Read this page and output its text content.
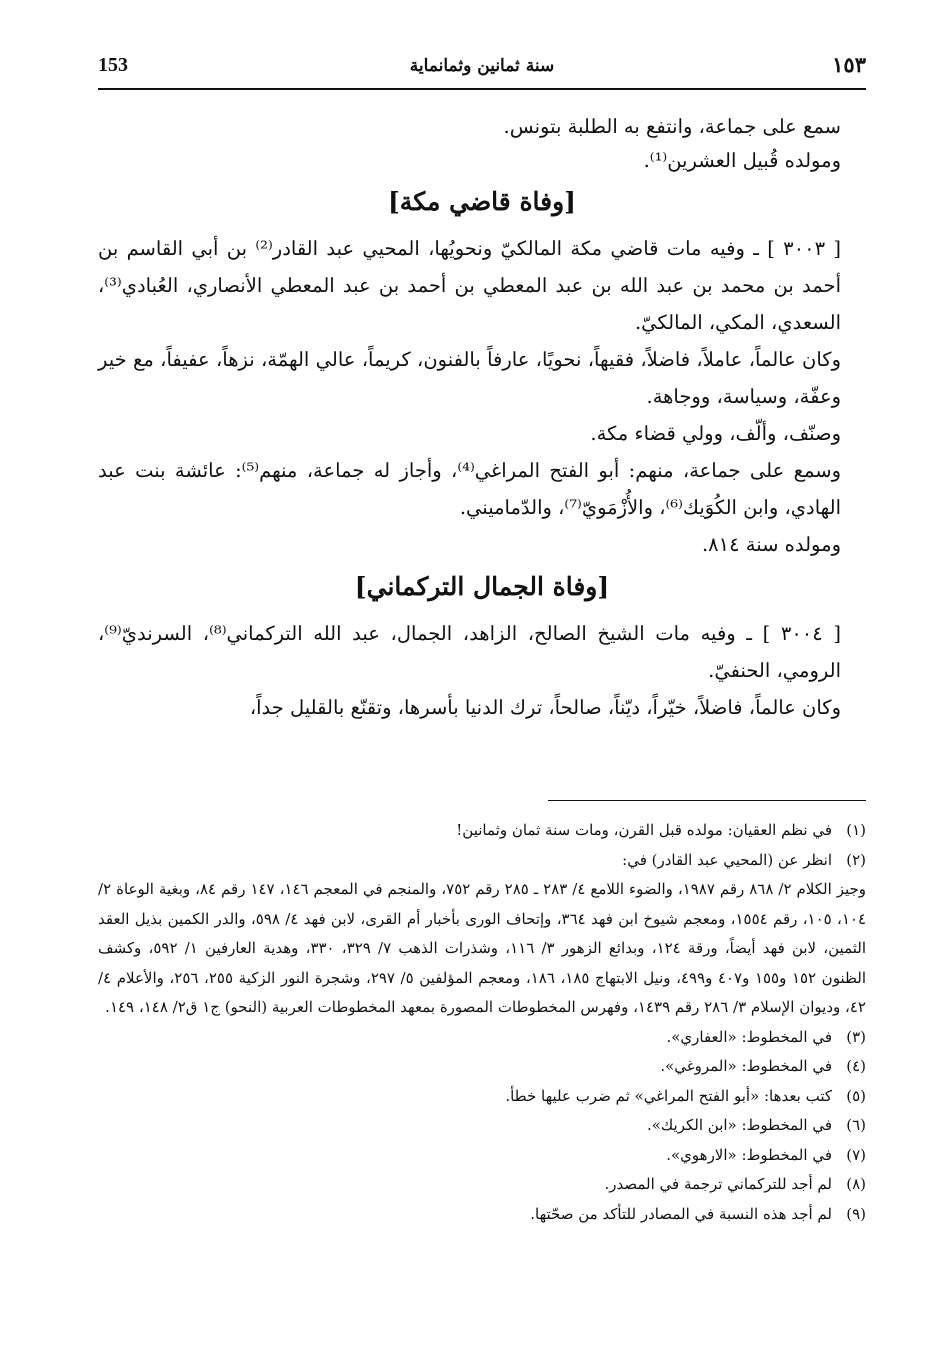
153	سنة ثمانين وثمانماية	١٥٣

سمع على جماعة، وانتفع به الطلبة بتونس.

ومولده قُبيل العشرين⁽¹⁾.

[وفاة قاضي مكة]

[ ٣٠٠٣ ] ـ وفيه مات قاضي مكة المالكيّ ونحويُها، المحيي عبد القادر⁽²⁾ بن أبي القاسم بن أحمد بن محمد بن عبد الله بن عبد المعطي بن أحمد بن عبد المعطي الأنصاري، العُبادي⁽³⁾، السعدي، المكي، المالكيّ.

وكان عالماً، عاملاً، فاضلاً، فقيهاً، نحويًا، عارفاً بالفنون، كريماً، عالي الهمّة، نزهاً، عفيفاً، مع خير وعفّة، وسياسة، ووجاهة.

وصنّف، وألّف، وولي قضاء مكة.

وسمع على جماعة، منهم: أبو الفتح المراغي⁽⁴⁾، وأجاز له جماعة، منهم⁽⁵⁾: عائشة بنت عبد الهادي، وابن الكُوَيك⁽⁶⁾، والأُزْمَويّ⁽⁷⁾، والدّماميني.

ومولده سنة ٨١٤.

[وفاة الجمال التركماني]

[ ٣٠٠٤ ] ـ وفيه مات الشيخ الصالح، الزاهد، الجمال، عبد الله التركماني⁽⁸⁾، السرنديّ⁽⁹⁾، الرومي، الحنفيّ.

وكان عالماً، فاضلاً، خيّراً، ديّناً، صالحاً، ترك الدنيا بأسرها، وتقنّع بالقليل جداً،

(١)
في نظم العقيان: مولده قبل القرن، ومات سنة ثمان وثمانين!
(٢)
انظر عن (المحيي عبد القادر) في:

وجيز الكلام ٢/ ٨٦٨ رقم ١٩٨٧، والضوء اللامع ٤/ ٢٨٣ ـ ٢٨٥ رقم ٧٥٢، والمنجم في المعجم ١٤٦، ١٤٧ رقم ٨٤، وبغية الوعاة ٢/ ١٠٤، ١٠٥، رقم ١٥٥٤، ومعجم شيوخ ابن فهد ٣٦٤، وإتحاف الورى بأخبار أم القرى، لابن فهد ٤/ ٥٩٨، والدر الكمين بذيل العقد الثمين، لابن فهد أيضاً، ورقة ١٢٤، وبدائع الزهور ٣/ ١١٦، وشذرات الذهب ٧/ ٣٢٩، ٣٣٠، وهدية العارفين ١/ ٥٩٢، وكشف الظنون ١٥٢ و١٥٥ و٤٠٧ و٤٩٩، ونيل الابتهاج ١٨٥، ١٨٦، ومعجم المؤلفين ٥/ ٢٩٧، وشجرة النور الزكية ٢٥٥، ٢٥٦، والأعلام ٤/ ٤٢، وديوان الإسلام ٣/ ٢٨٦ رقم ١٤٣٩، وفهرس المخطوطات المصورة بمعهد المخطوطات العربية (النحو) ج١ ق٢/ ١٤٨، ١٤٩.

(٣)
في المخطوط: «العفاري».
(٤)
في المخطوط: «المروغي».
(٥)
كتب بعدها: «أبو الفتح المراغي» ثم ضرب عليها خطأ.
(٦)
في المخطوط: «ابن الكريك».
(٧)
في المخطوط: «الارهوي».
(٨)
لم أجد للتركماني ترجمة في المصدر.
(٩)
لم أجد هذه النسبة في المصادر للتأكد من صحّتها.
